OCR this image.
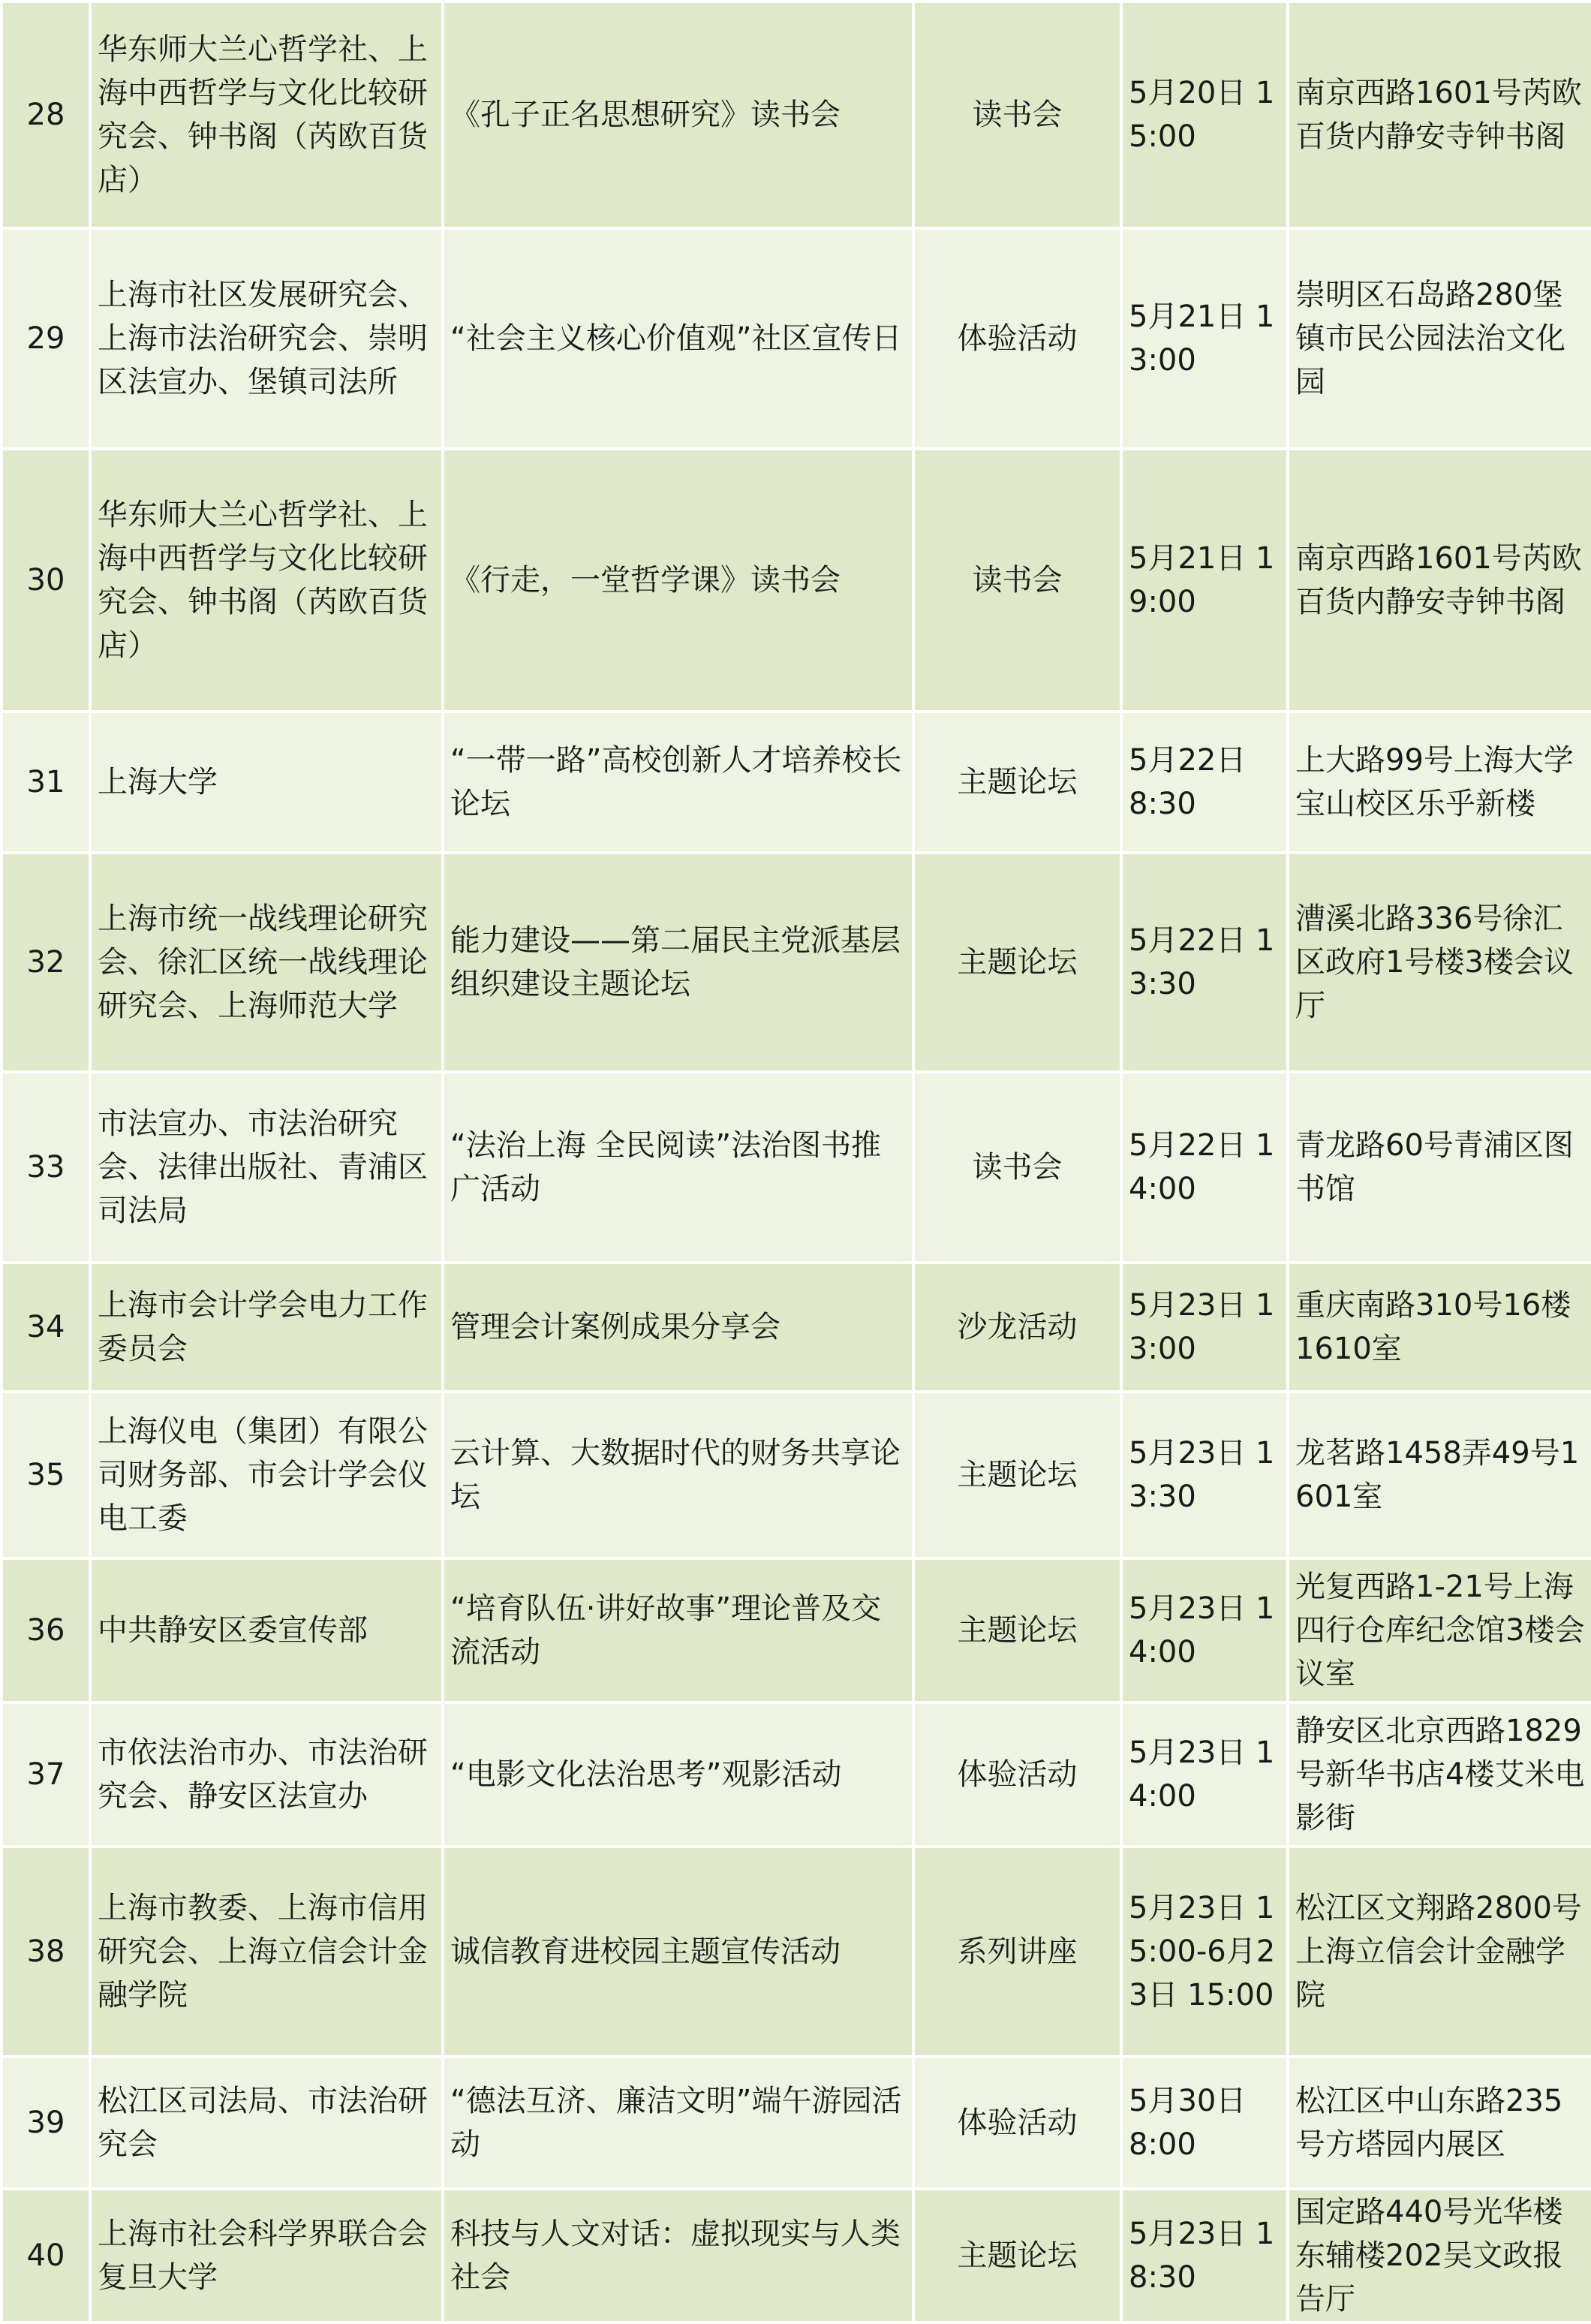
28	华东师大兰心哲学社、上海中西哲学与文化比较研究会、钟书阁（芮欧百货店）	《孔子正名思想研究》读书会	读书会	5月20日 15:00	南京西路1601号芮欧百货内静安寺钟书阁
29	上海市社区发展研究会、上海市法治研究会、崇明区法宣办、堡镇司法所	“社会主义核心价值观”社区宣传日	体验活动	5月21日 13:00	崇明区石岛路280堡镇市民公园法治文化园
30	华东师大兰心哲学社、上海中西哲学与文化比较研究会、钟书阁（芮欧百货店）	《行走，一堂哲学课》读书会	读书会	5月21日 19:00	南京西路1601号芮欧百货内静安寺钟书阁
31	上海大学	“一带一路”高校创新人才培养校长论坛	主题论坛	5月22日 8:30	上大路99号上海大学宝山校区乐乎新楼
32	上海市统一战线理论研究会、徐汇区统一战线理论研究会、上海师范大学	能力建设——第二届民主党派基层组织建设主题论坛	主题论坛	5月22日 13:30	漕溪北路336号徐汇区政府1号楼3楼会议厅
33	市法宣办、市法治研究会、法律出版社、青浦区司法局	“法治上海 全民阅读”法治图书推广活动	读书会	5月22日 14:00	青龙路60号青浦区图书馆
34	上海市会计学会电力工作委员会	管理会计案例成果分享会	沙龙活动	5月23日 13:00	重庆南路310号16楼1610室
35	上海仪电（集团）有限公司财务部、市会计学会仪电工委	云计算、大数据时代的财务共享论坛	主题论坛	5月23日 13:30	龙茗路1458弄49号1601室
36	中共静安区委宣传部	“培育队伍·讲好故事”理论普及交流活动	主题论坛	5月23日 14:00	光复西路1-21号上海四行仓库纪念馆3楼会议室
37	市依法治市办、市法治研究会、静安区法宣办	“电影文化法治思考”观影活动	体验活动	5月23日 14:00	静安区北京西路1829号新华书店4楼艾米电影街
38	上海市教委、上海市信用研究会、上海立信会计金融学院	诚信教育进校园主题宣传活动	系列讲座	5月23日 15:00-6月23日 15:00	松江区文翔路2800号上海立信会计金融学院
39	松江区司法局、市法治研究会	“德法互济、廉洁文明”端午游园活动	体验活动	5月30日 8:00	松江区中山东路235号方塔园内展区
40	上海市社会科学界联合会 复旦大学	科技与人文对话：虚拟现实与人类社会	主题论坛	5月23日 18:30	国定路440号光华楼东辅楼202吴文政报告厅
